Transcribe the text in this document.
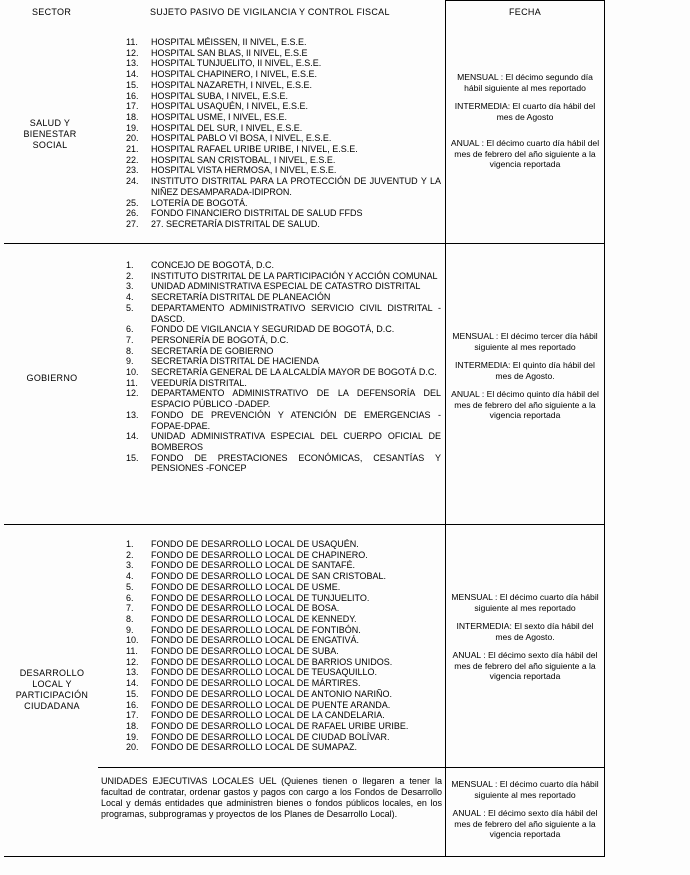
SECTOR	SUJETO PASIVO DE VIGILANCIA Y CONTROL FISCAL	FECHA
SALUD Y BIENESTAR SOCIAL
11. HOSPITAL MÉISSEN, II NIVEL, E.S.E.
12. HOSPITAL SAN BLAS, II NIVEL, E.S.E
13. HOSPITAL TUNJUELITO, II NIVEL, E.S.E.
14. HOSPITAL CHAPINERO, I NIVEL, E.S.E.
15. HOSPITAL NAZARETH, I NIVEL, E.S.E.
16. HOSPITAL SUBA, I NIVEL, E.S.E.
17. HOSPITAL USAQUÉN, I NIVEL, E.S.E.
18. HOSPITAL USME, I NIVEL, ES.E.
19. HOSPITAL DEL SUR, I NIVEL, E.S.E.
20. HOSPITAL PABLO VI BOSA, I NIVEL, E.S.E.
21. HOSPITAL RAFAEL URIBE URIBE, I NIVEL, E.S.E.
22. HOSPITAL SAN CRISTOBAL, I NIVEL, E.S.E.
23. HOSPITAL VISTA HERMOSA, I NIVEL, E.S.E.
24. INSTITUTO DISTRITAL PARA LA PROTECCIÓN DE JUVENTUD Y LA NIÑEZ DESAMPARADA-IDIPRON.
25. LOTERÍA DE BOGOTÁ.
26. FONDO FINANCIERO DISTRITAL DE SALUD FFDS
27. 27. SECRETARÍA DISTRITAL DE SALUD.

MENSUAL : El décimo segundo día hábil siguiente al mes reportado

INTERMEDIA: El cuarto día hábil del mes de Agosto

ANUAL : El décimo cuarto día hábil del mes de febrero del año siguiente a la vigencia reportada

GOBIERNO
1. CONCEJO DE BOGOTÁ, D.C.
2. INSTITUTO DISTRITAL DE LA PARTICIPACIÓN Y ACCIÓN COMUNAL
3. UNIDAD ADMINISTRATIVA ESPECIAL DE CATASTRO DISTRITAL
4. SECRETARÍA DISTRITAL DE PLANEACIÓN
5. DEPARTAMENTO ADMINISTRATIVO SERVICIO CIVIL DISTRITAL - DASCD.
6. FONDO DE VIGILANCIA Y SEGURIDAD DE BOGOTÁ, D.C.
7. PERSONERÍA DE BOGOTÁ, D.C.
8. SECRETARÍA DE GOBIERNO
9. SECRETARÍA DISTRITAL DE HACIENDA
10. SECRETARÍA GENERAL DE LA ALCALDÍA MAYOR DE BOGOTÁ D.C.
11. VEEDURÍA DISTRITAL.
12. DEPARTAMENTO ADMINISTRATIVO DE LA DEFENSORÍA DEL ESPACIO PÚBLICO -DADEP.
13. FONDO DE PREVENCIÓN Y ATENCIÓN DE EMERGENCIAS - FOPAE-DPAE.
14. UNIDAD ADMINISTRATIVA ESPECIAL DEL CUERPO OFICIAL DE BOMBEROS
15. FONDO DE PRESTACIONES ECONÓMICAS, CESANTÍAS Y PENSIONES -FONCEP

MENSUAL : El décimo tercer día hábil siguiente al mes reportado

INTERMEDIA: El quinto día hábil del mes de Agosto.

ANUAL : El décimo quinto día hábil del mes de febrero del año siguiente a la vigencia reportada

DESARROLLO LOCAL Y PARTICIPACIÓN CIUDADANA
1. FONDO DE DESARROLLO LOCAL DE USAQUÉN.
2. FONDO DE DESARROLLO LOCAL DE CHAPINERO.
3. FONDO DE DESARROLLO LOCAL DE SANTAFÉ.
4. FONDO DE DESARROLLO LOCAL DE SAN CRISTOBAL.
5. FONDO DE DESARROLLO LOCAL DE USME.
6. FONDO DE DESARROLLO LOCAL DE TUNJUELITO.
7. FONDO DE DESARROLLO LOCAL DE BOSA.
8. FONDO DE DESARROLLO LOCAL DE KENNEDY.
9. FONDO DE DESARROLLO LOCAL DE FONTIBÓN.
10. FONDO DE DESARROLLO LOCAL DE ENGATIVÁ.
11. FONDO DE DESARROLLO LOCAL DE SUBA.
12. FONDO DE DESARROLLO LOCAL DE BARRIOS UNIDOS.
13. FONDO DE DESARROLLO LOCAL DE TEUSAQUILLO.
14. FONDO DE DESARROLLO LOCAL DE MÁRTIRES.
15. FONDO DE DESARROLLO LOCAL DE ANTONIO NARIÑO.
16. FONDO DE DESARROLLO LOCAL DE PUENTE ARANDA.
17. FONDO DE DESARROLLO LOCAL DE LA CANDELARIA.
18. FONDO DE DESARROLLO LOCAL DE RAFAEL URIBE URIBE.
19. FONDO DE DESARROLLO LOCAL DE CIUDAD BOLÍVAR.
20. FONDO DE DESARROLLO LOCAL DE SUMAPAZ.

MENSUAL : El décimo cuarto día hábil siguiente al mes reportado

INTERMEDIA: El sexto día hábil del mes de Agosto.

ANUAL : El décimo sexto día hábil del mes de febrero del año siguiente a la vigencia reportada

UNIDADES EJECUTIVAS LOCALES UEL (Quienes tienen o llegaren a tener la facultad de contratar, ordenar gastos y pagos con cargo a los Fondos de Desarrollo Local y demás entidades que administren bienes o fondos públicos locales, en los programas, subprogramas y proyectos de los Planes de Desarrollo Local).

MENSUAL : El décimo cuarto día hábil siguiente al mes reportado

ANUAL : El décimo sexto día hábil del mes de febrero del año siguiente a la vigencia reportada
